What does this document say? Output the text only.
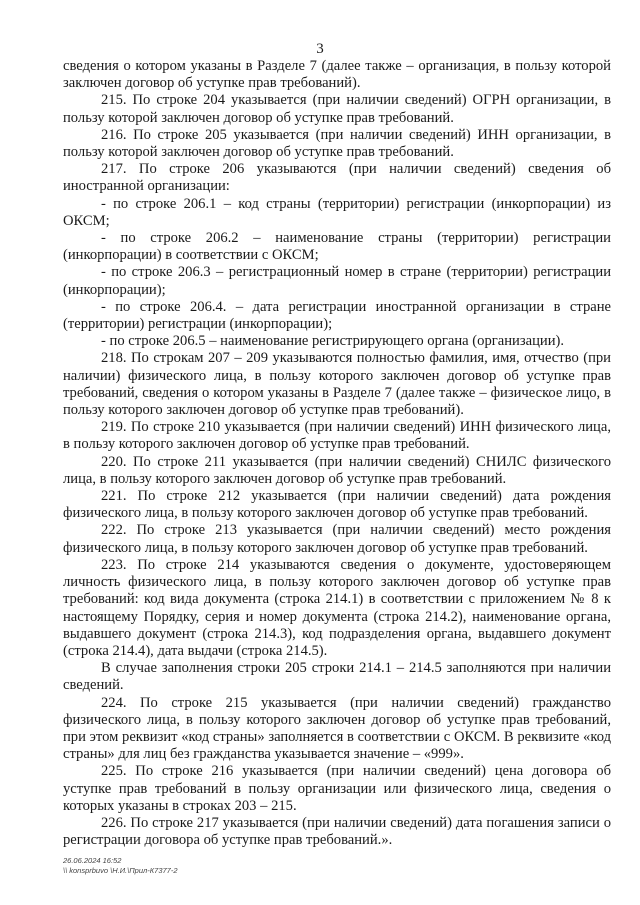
3

сведения о котором указаны в Разделе 7 (далее также – организация, в пользу которой заключен договор об уступке прав требований).

215. По строке 204 указывается (при наличии сведений) ОГРН организации, в пользу которой заключен договор об уступке прав требований.

216. По строке 205 указывается (при наличии сведений) ИНН организации, в пользу которой заключен договор об уступке прав требований.

217. По строке 206 указываются (при наличии сведений) сведения об иностранной организации:

- по строке 206.1 – код страны (территории) регистрации (инкорпорации) из ОКСМ;

- по строке 206.2 – наименование страны (территории) регистрации (инкорпорации) в соответствии с ОКСМ;

- по строке 206.3 – регистрационный номер в стране (территории) регистрации (инкорпорации);

- по строке 206.4. – дата регистрации иностранной организации в стране (территории) регистрации (инкорпорации);

- по строке 206.5 – наименование регистрирующего органа (организации).

218. По строкам 207 – 209 указываются полностью фамилия, имя, отчество (при наличии) физического лица, в пользу которого заключен договор об уступке прав требований, сведения о котором указаны в Разделе 7 (далее также – физическое лицо, в пользу которого заключен договор об уступке прав требований).

219. По строке 210 указывается (при наличии сведений) ИНН физического лица, в пользу которого заключен договор об уступке прав требований.

220. По строке 211 указывается (при наличии сведений) СНИЛС физического лица, в пользу которого заключен договор об уступке прав требований.

221. По строке 212 указывается (при наличии сведений) дата рождения физического лица, в пользу которого заключен договор об уступке прав требований.

222. По строке 213 указывается (при наличии сведений) место рождения физического лица, в пользу которого заключен договор об уступке прав требований.

223. По строке 214 указываются сведения о документе, удостоверяющем личность физического лица, в пользу которого заключен договор об уступке прав требований: код вида документа (строка 214.1) в соответствии с приложением № 8 к настоящему Порядку, серия и номер документа (строка 214.2), наименование органа, выдавшего документ (строка 214.3), код подразделения органа, выдавшего документ (строка 214.4), дата выдачи (строка 214.5).

В случае заполнения строки 205 строки 214.1 – 214.5 заполняются при наличии сведений.

224. По строке 215 указывается (при наличии сведений) гражданство физического лица, в пользу которого заключен договор об уступке прав требований, при этом реквизит «код страны» заполняется в соответствии с ОКСМ. В реквизите «код страны» для лиц без гражданства указывается значение – «999».

225. По строке 216 указывается (при наличии сведений) цена договора об уступке прав требований в пользу организации или физического лица, сведения о которых указаны в строках 203 – 215.

226. По строке 217 указывается (при наличии сведений) дата погашения записи о регистрации договора об уступке прав требований.».

26.06.2024 16:52
\\ konsprbuvo \Н.И.\Прил-К7377-2
